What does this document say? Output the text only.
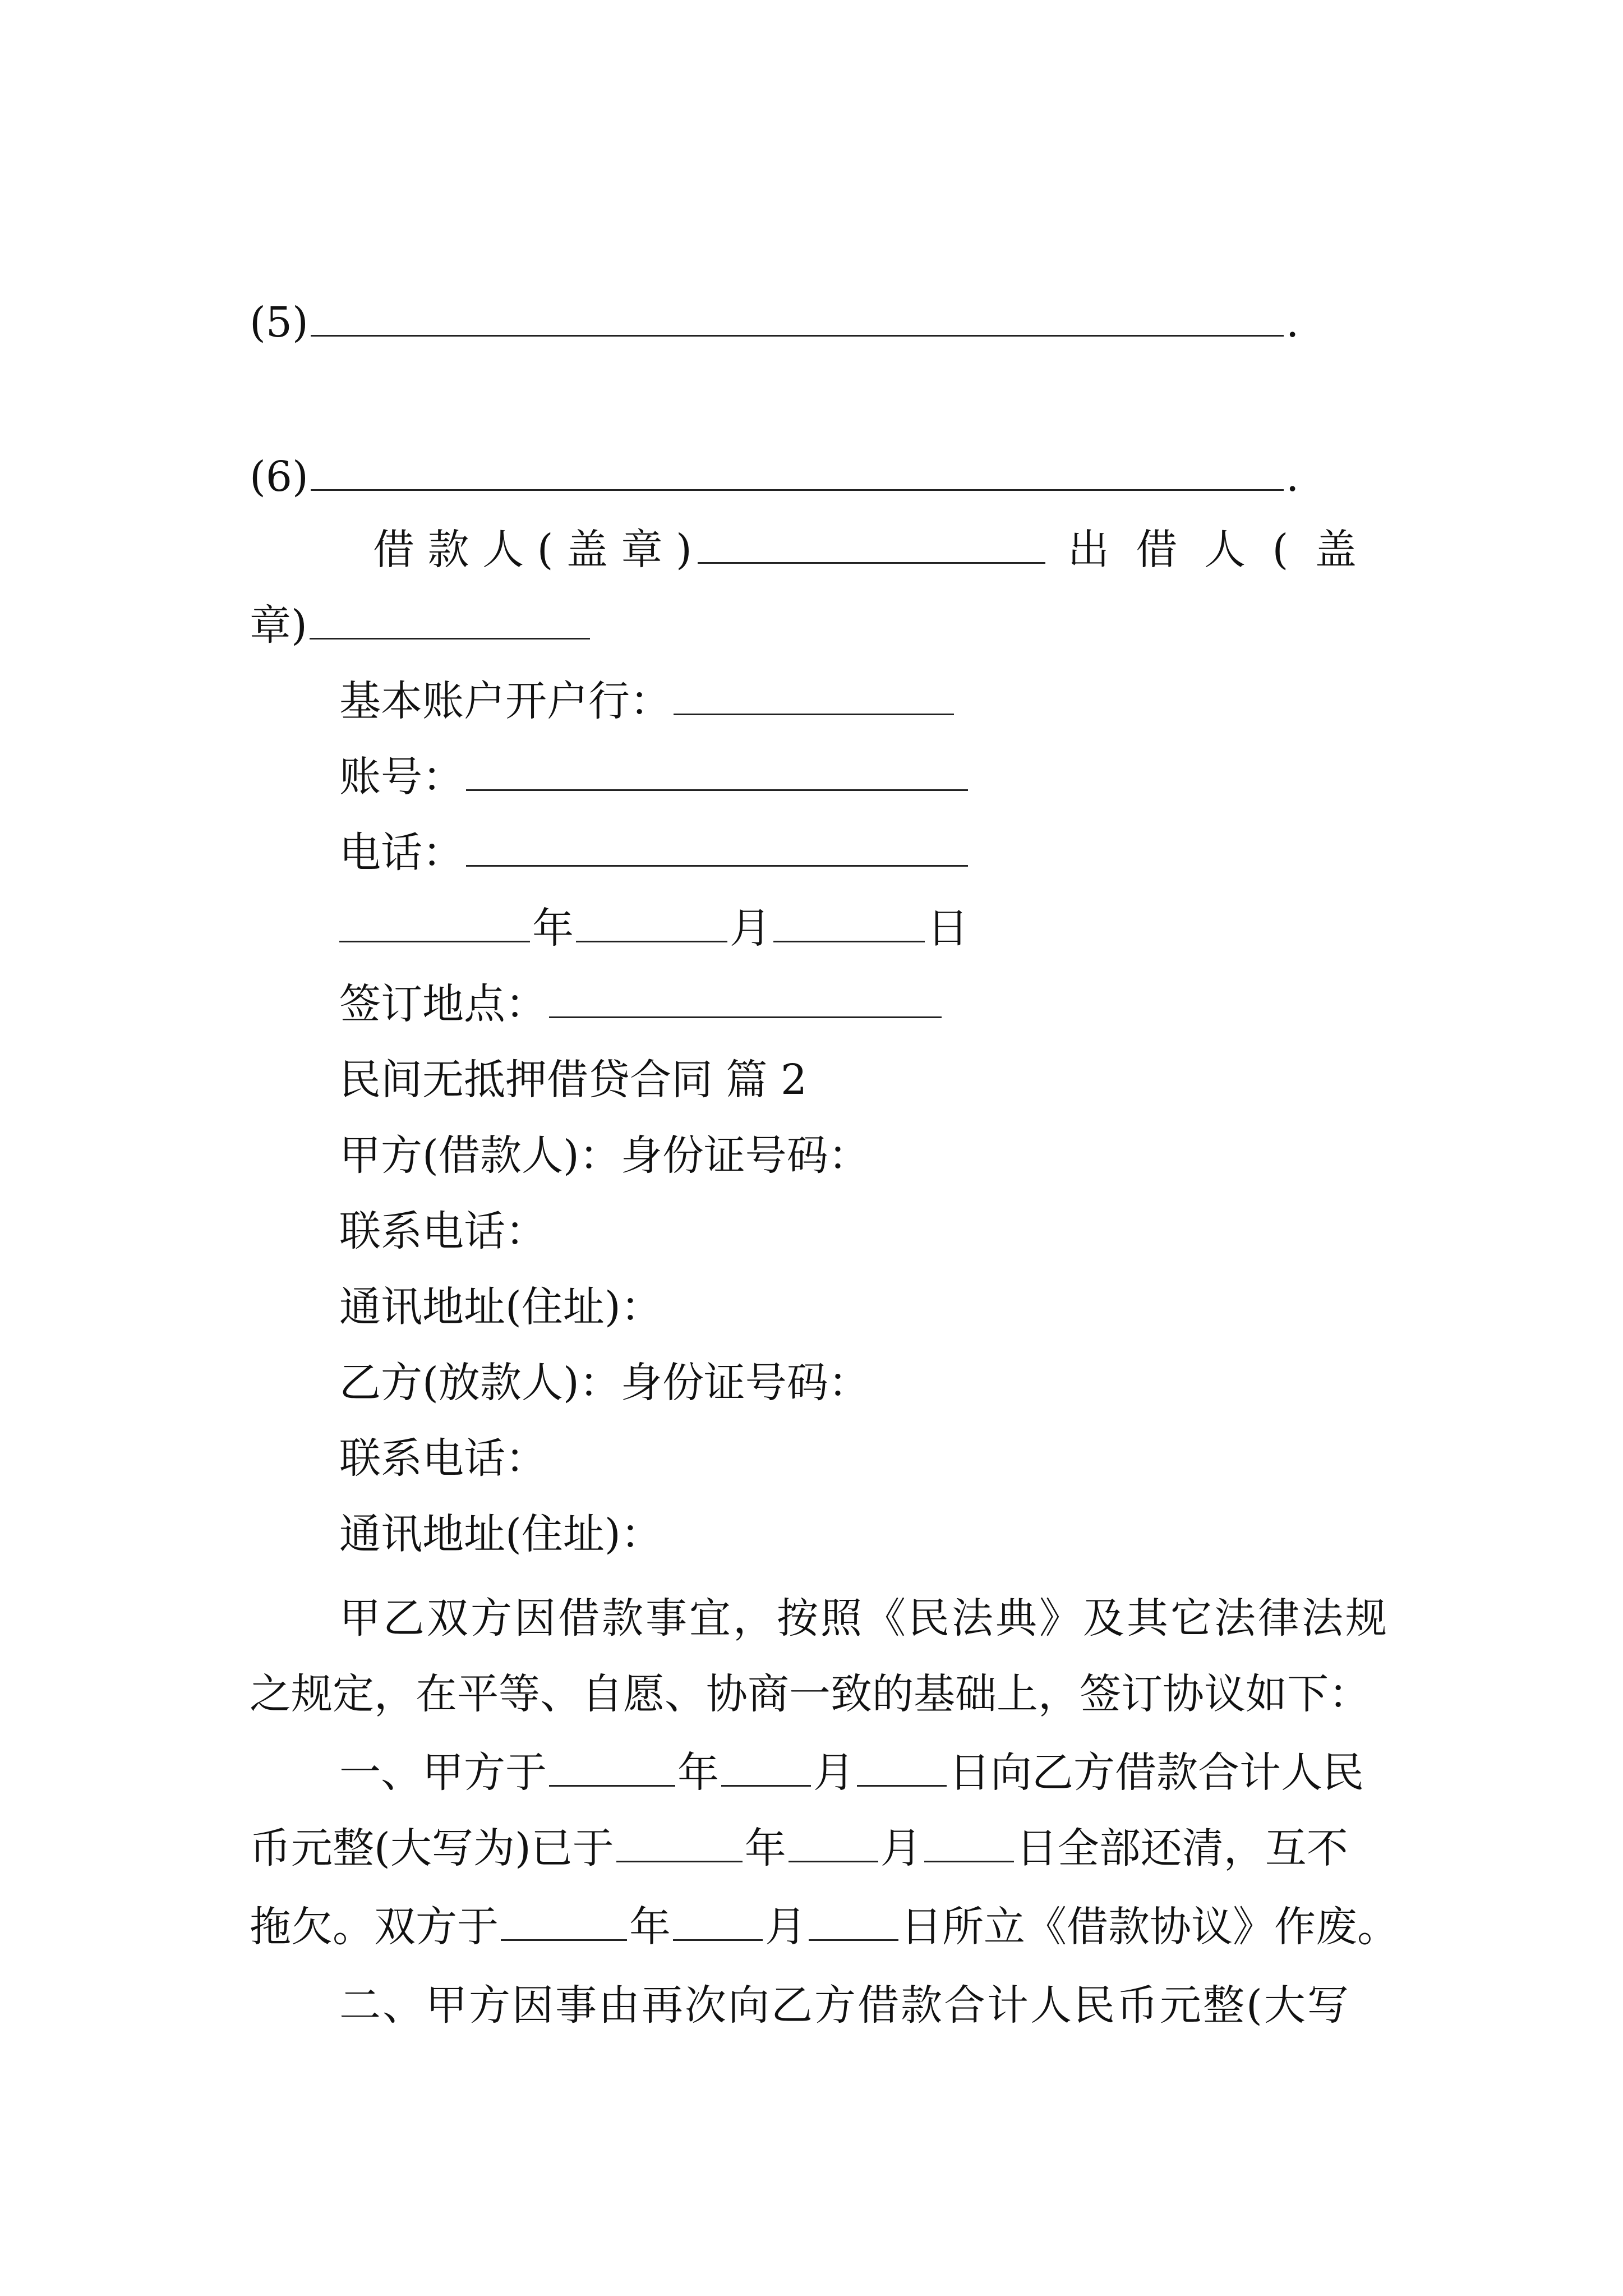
(5)	.
(6)	.
借 款 人 ( 盖 章 )	出 借 人 ( 盖
章)
基本账户开户行：
账号：
电话：
年	月	日
签订地点：
民间无抵押借贷合同 篇 2
甲方(借款人)：身份证号码：
联系电话：
通讯地址(住址)：
乙方(放款人)：身份证号码：
联系电话：
通讯地址(住址)：
甲乙双方因借款事宜，按照《民法典》及其它法律法规
之规定，在平等、自愿、协商一致的基础上，签订协议如下：
一、甲方于	年 月 日向乙方借款合计人民
币元整(大写为)已于	年 月 日全部还清，互不
拖欠。双方于	年 月 日所立《借款协议》作废。
二、甲方因事由再次向乙方借款合计人民币元整(大写
